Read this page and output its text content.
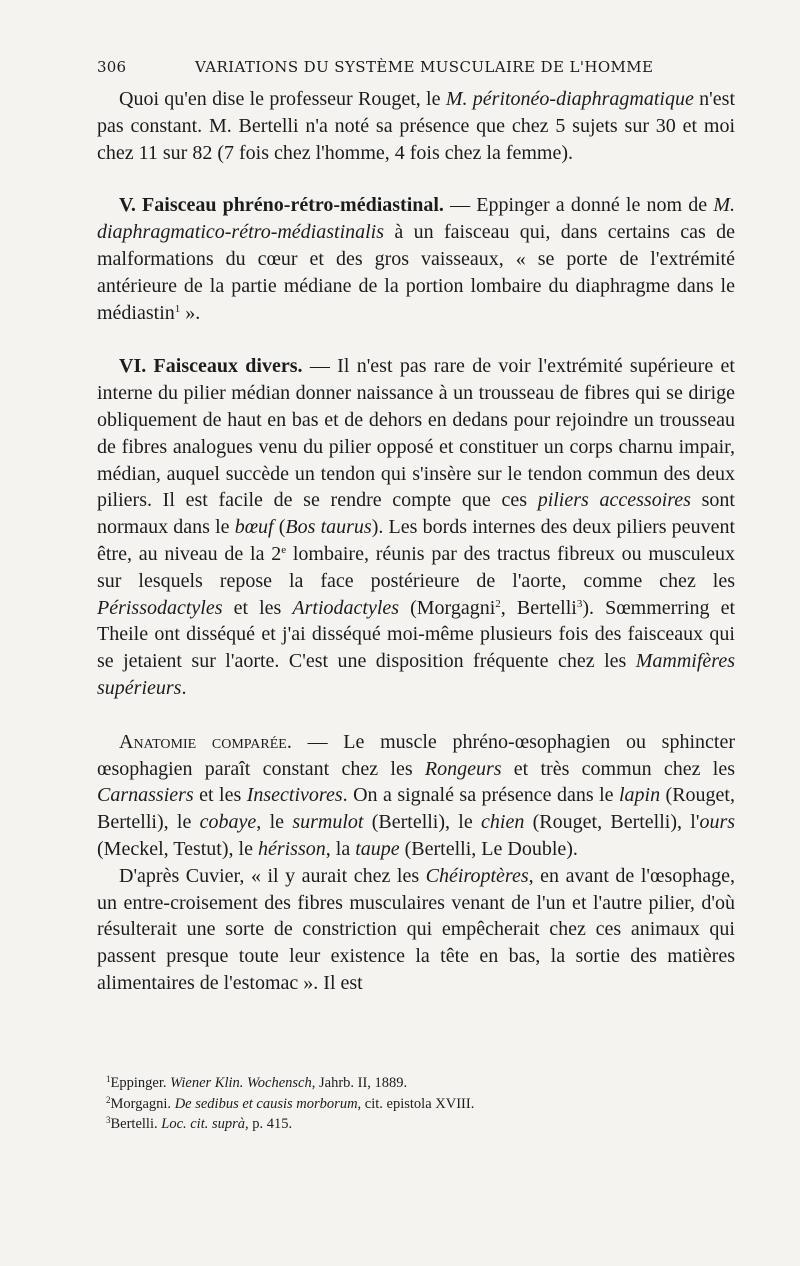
306	VARIATIONS DU SYSTÈME MUSCULAIRE DE L'HOMME

Quoi qu'en dise le professeur Rouget, le M. péritonéo-diaphragmatique n'est pas constant. M. Bertelli n'a noté sa présence que chez 5 sujets sur 30 et moi chez 11 sur 82 (7 fois chez l'homme, 4 fois chez la femme).

V. Faisceau phréno-rétro-médiastinal. — Eppinger a donné le nom de M. diaphragmatico-rétro-médiastinalis à un faisceau qui, dans certains cas de malformations du cœur et des gros vaisseaux, « se porte de l'extrémité antérieure de la partie médiane de la portion lombaire du diaphragme dans le médiastin$^1$ ».

VI. Faisceaux divers. — Il n'est pas rare de voir l'extrémité supérieure et interne du pilier médian donner naissance à un trousseau de fibres qui se dirige obliquement de haut en bas et de dehors en dedans pour rejoindre un trousseau de fibres analogues venu du pilier opposé et constituer un corps charnu impair, médian, auquel succède un tendon qui s'insère sur le tendon commun des deux piliers. Il est facile de se rendre compte que ces piliers accessoires sont normaux dans le bœuf (Bos taurus). Les bords internes des deux piliers peuvent être, au niveau de la 2e lombaire, réunis par des tractus fibreux ou musculeux sur lesquels repose la face postérieure de l'aorte, comme chez les Périssodactyles et les Artiodactyles (Morgagni$^2$, Bertelli$^3$). Sœmmerring et Theile ont disséqué et j'ai disséqué moi-même plusieurs fois des faisceaux qui se jetaient sur l'aorte. C'est une disposition fréquente chez les Mammifères supérieurs.

Anatomie comparée. — Le muscle phréno-œsophagien ou sphincter œsophagien paraît constant chez les Rongeurs et très commun chez les Carnassiers et les Insectivores. On a signalé sa présence dans le lapin (Rouget, Bertelli), le cobaye, le surmulot (Bertelli), le chien (Rouget, Bertelli), l'ours (Meckel, Testut), le hérisson, la taupe (Bertelli, Le Double).

D'après Cuvier, « il y aurait chez les Chéiroptères, en avant de l'œsophage, un entre-croisement des fibres musculaires venant de l'un et l'autre pilier, d'où résulterait une sorte de constriction qui empêcherait chez ces animaux qui passent presque toute leur existence la tête en bas, la sortie des matières alimentaires de l'estomac ». Il est

$^1$Eppinger. Wiener Klin. Wochensch, Jahrb. II, 1889.
$^2$Morgagni. De sedibus et causis morborum, cit. epistola XVIII.
$^3$Bertelli. Loc. cit. suprà, p. 415.
